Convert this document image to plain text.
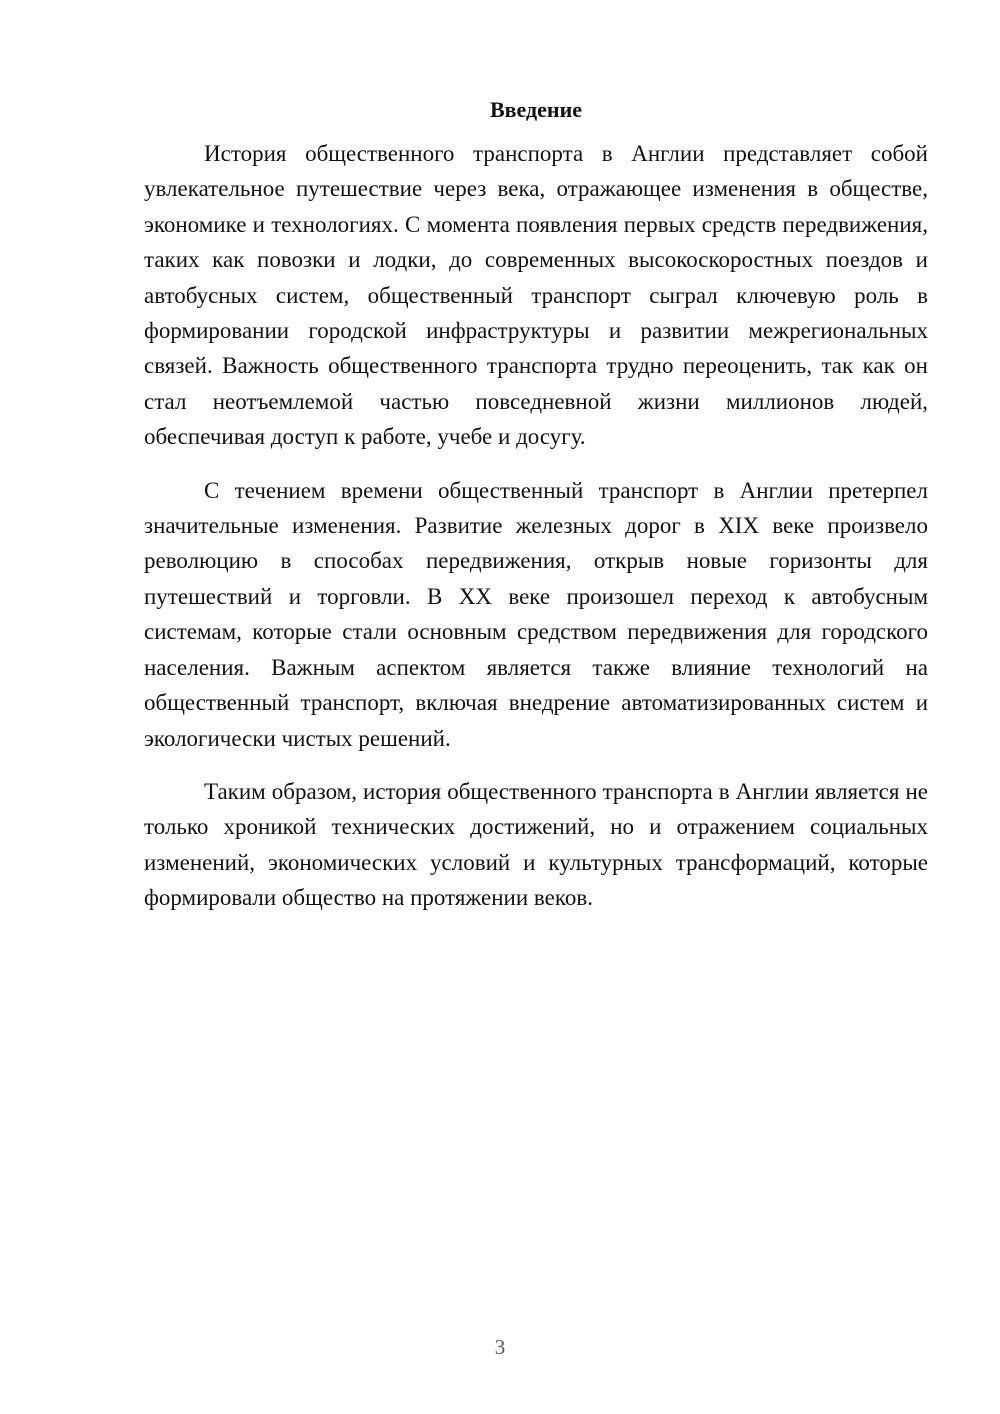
Введение

История общественного транспорта в Англии представляет собой увлекательное путешествие через века, отражающее изменения в обществе, экономике и технологиях. С момента появления первых средств передвижения, таких как повозки и лодки, до современных высокоскоростных поездов и автобусных систем, общественный транспорт сыграл ключевую роль в формировании городской инфраструктуры и развитии межрегиональных связей. Важность общественного транспорта трудно переоценить, так как он стал неотъемлемой частью повседневной жизни миллионов людей, обеспечивая доступ к работе, учебе и досугу.

С течением времени общественный транспорт в Англии претерпел значительные изменения. Развитие железных дорог в XIX веке произвело революцию в способах передвижения, открыв новые горизонты для путешествий и торговли. В XX веке произошел переход к автобусным системам, которые стали основным средством передвижения для городского населения. Важным аспектом является также влияние технологий на общественный транспорт, включая внедрение автоматизированных систем и экологически чистых решений.

Таким образом, история общественного транспорта в Англии является не только хроникой технических достижений, но и отражением социальных изменений, экономических условий и культурных трансформаций, которые формировали общество на протяжении веков.

3
